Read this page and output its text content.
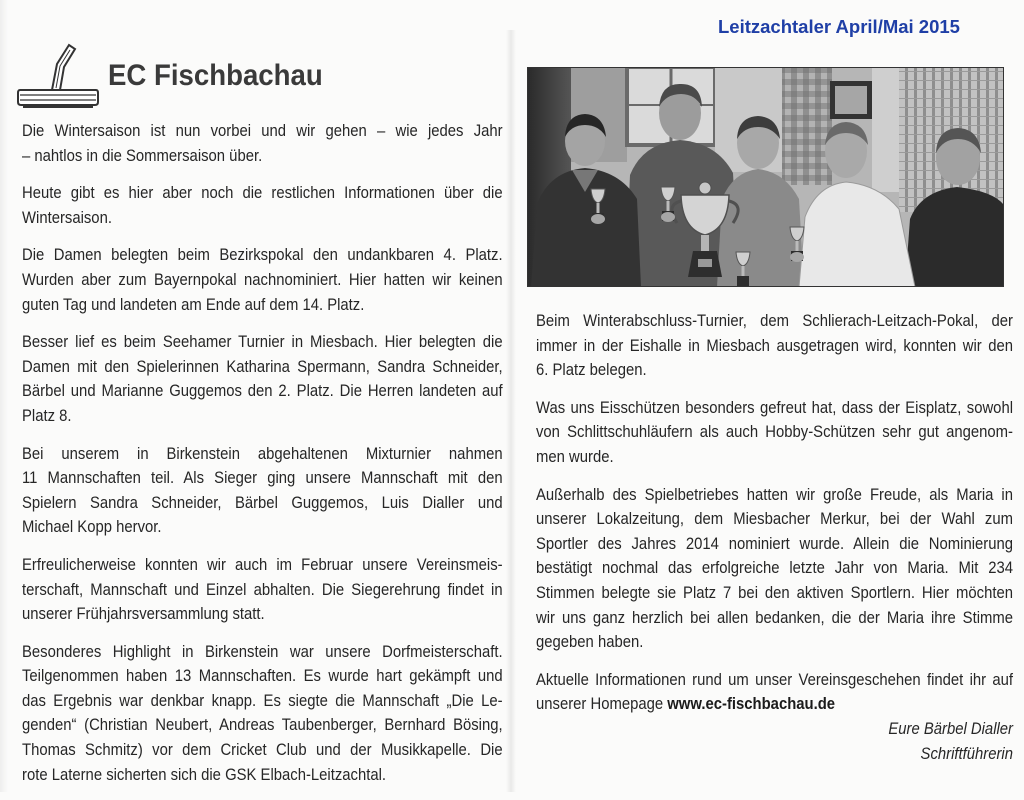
Leitzachtaler April/Mai 2015
EC Fischbachau
Die Wintersaison ist nun vorbei und wir gehen – wie jedes Jahr
– nahtlos in die Sommersaison über.
Heute gibt es hier aber noch die restlichen Informationen über die
Wintersaison.
Die Damen belegten beim Bezirkspokal den undankbaren 4. Platz.
Wurden aber zum Bayernpokal nachnominiert. Hier hatten wir keinen
guten Tag und landeten am Ende auf dem 14. Platz.
Besser lief es beim Seehamer Turnier in Miesbach. Hier belegten die
Damen mit den Spielerinnen Katharina Spermann, Sandra Schneider,
Bärbel und Marianne Guggemos den 2. Platz. Die Herren landeten auf
Platz 8.
Bei unserem in Birkenstein abgehaltenen Mixturnier nahmen
11 Mannschaften teil. Als Sieger ging unsere Mannschaft mit den
Spielern Sandra Schneider, Bärbel Guggemos, Luis Dialler und
Michael Kopp hervor.
Erfreulicherweise konnten wir auch im Februar unsere Vereinsmeis-
terschaft, Mannschaft und Einzel abhalten. Die Siegerehrung findet in
unserer Frühjahrsversammlung statt.
Besonderes Highlight in Birkenstein war unsere Dorfmeisterschaft.
Teilgenommen haben 13 Mannschaften. Es wurde hart gekämpft und
das Ergebnis war denkbar knapp. Es siegte die Mannschaft „Die Le-
genden“ (Christian Neubert, Andreas Taubenberger, Bernhard Bösing,
Thomas Schmitz) vor dem Cricket Club und der Musikkapelle. Die
rote Laterne sicherten sich die GSK Elbach-Leitzachtal.
Beim Winterabschluss-Turnier, dem Schlierach-Leitzach-Pokal, der
immer in der Eishalle in Miesbach ausgetragen wird, konnten wir den
6. Platz belegen.
Was uns Eisschützen besonders gefreut hat, dass der Eisplatz, sowohl
von Schlittschuhläufern als auch Hobby-Schützen sehr gut angenom-
men wurde.
Außerhalb des Spielbetriebes hatten wir große Freude, als Maria in
unserer Lokalzeitung, dem Miesbacher Merkur, bei der Wahl zum
Sportler des Jahres 2014 nominiert wurde. Allein die Nominierung
bestätigt nochmal das erfolgreiche letzte Jahr von Maria. Mit 234
Stimmen belegte sie Platz 7 bei den aktiven Sportlern. Hier möchten
wir uns ganz herzlich bei allen bedanken, die der Maria ihre Stimme
gegeben haben.
Aktuelle Informationen rund um unser Vereinsgeschehen findet ihr auf
unserer Homepage www.ec-fischbachau.de
Eure Bärbel Dialler
Schriftführerin
